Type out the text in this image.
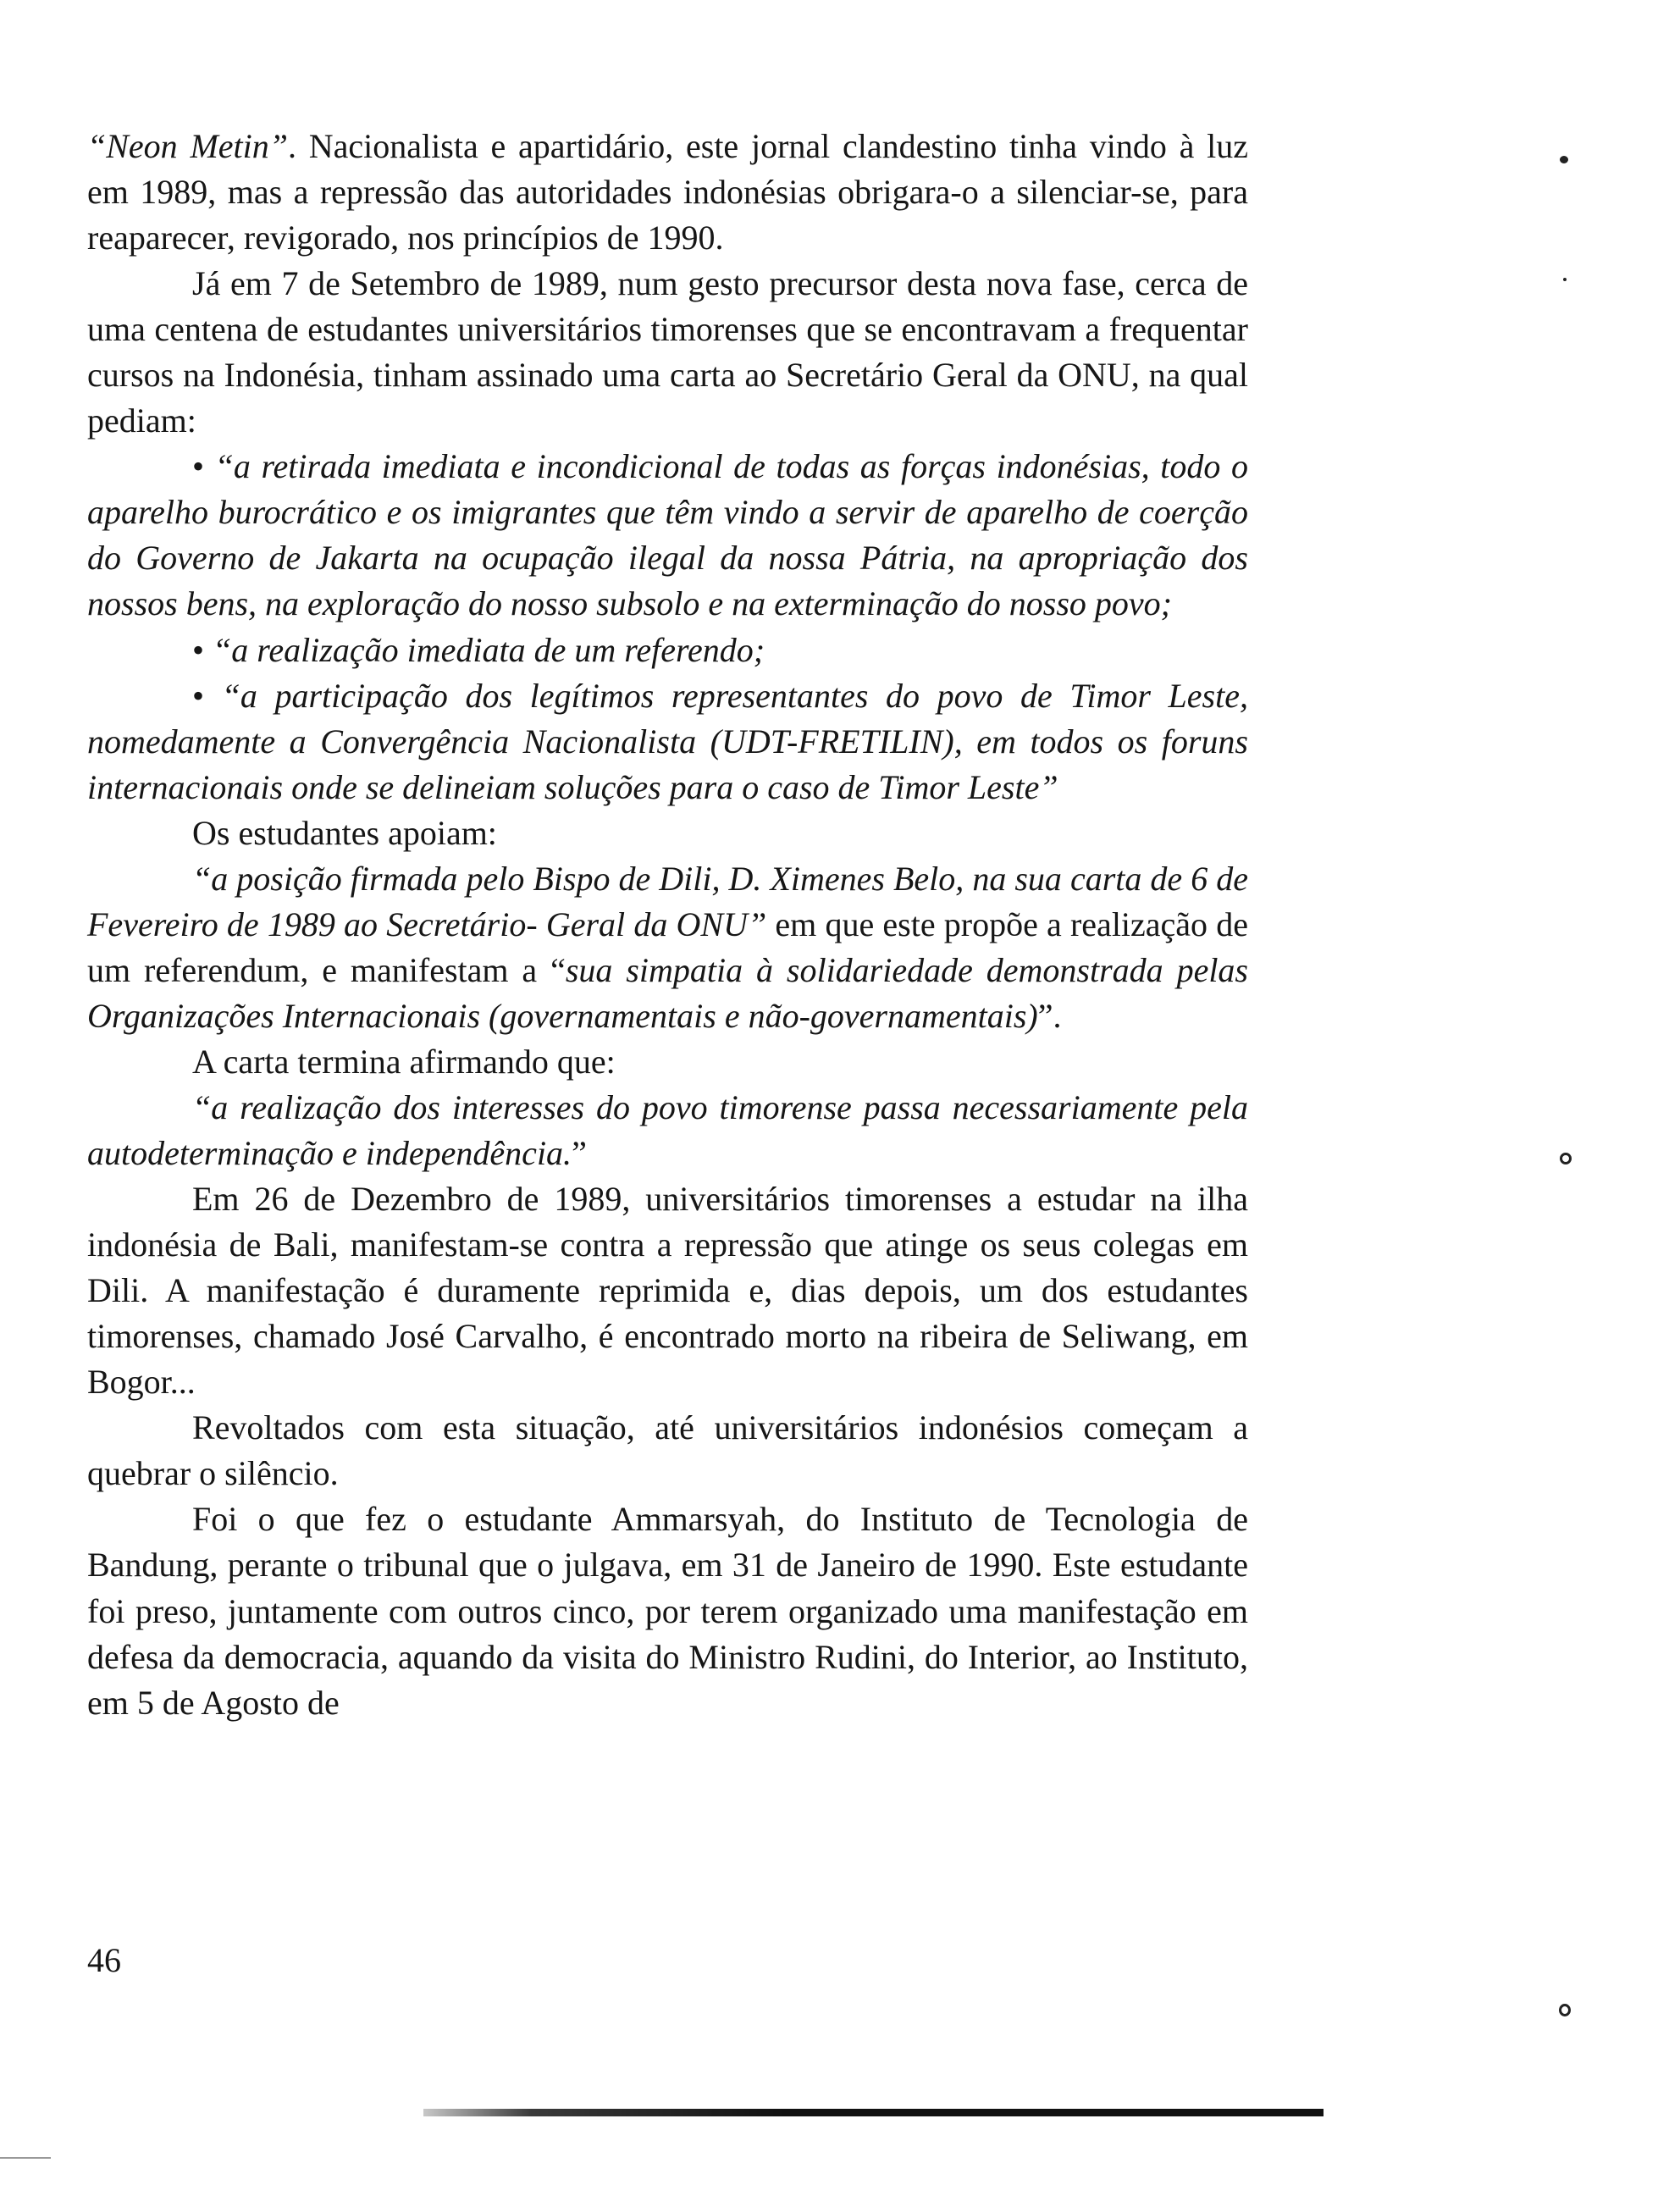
“Neon Metin”. Nacionalista e apartidário, este jornal clandestino tinha vindo à luz em 1989, mas a repressão das autoridades indonésias obrigara-o a silenciar-se, para reaparecer, revigorado, nos princípios de 1990.

Já em 7 de Setembro de 1989, num gesto precursor desta nova fase, cerca de uma centena de estudantes universitários timorenses que se encontravam a frequentar cursos na Indonésia, tinham assinado uma carta ao Secretário Geral da ONU, na qual pediam:

• “a retirada imediata e incondicional de todas as forças indonésias, todo o aparelho burocrático e os imigrantes que têm vindo a servir de aparelho de coerção do Governo de Jakarta na ocupação ilegal da nossa Pátria, na apropriação dos nossos bens, na exploração do nosso subsolo e na exterminação do nosso povo;

• “a realização imediata de um referendo;

• “a participação dos legítimos representantes do povo de Timor Leste, nomedamente a Convergência Nacionalista (UDT-FRETILIN), em todos os foruns internacionais onde se delineiam soluções para o caso de Timor Leste”

Os estudantes apoiam:

“a posição firmada pelo Bispo de Dili, D. Ximenes Belo, na sua carta de 6 de Fevereiro de 1989 ao Secretário- Geral da ONU” em que este propõe a realização de um referendum, e manifestam a “sua simpatia à solidariedade demonstrada pelas Organizações Internacionais (governamentais e não-governamentais)”.

A carta termina afirmando que:

“a realização dos interesses do povo timorense passa necessariamente pela autodeterminação e independência.”

Em 26 de Dezembro de 1989, universitários timorenses a estudar na ilha indonésia de Bali, manifestam-se contra a repressão que atinge os seus colegas em Dili. A manifestação é duramente reprimida e, dias depois, um dos estudantes timorenses, chamado José Carvalho, é encontrado morto na ribeira de Seliwang, em Bogor...

Revoltados com esta situação, até universitários indonésios começam a quebrar o silêncio.

Foi o que fez o estudante Ammarsyah, do Instituto de Tecnologia de Bandung, perante o tribunal que o julgava, em 31 de Janeiro de 1990. Este estudante foi preso, juntamente com outros cinco, por terem organizado uma manifestação em defesa da democracia, aquando da visita do Ministro Rudini, do Interior, ao Instituto, em 5 de Agosto de

46
